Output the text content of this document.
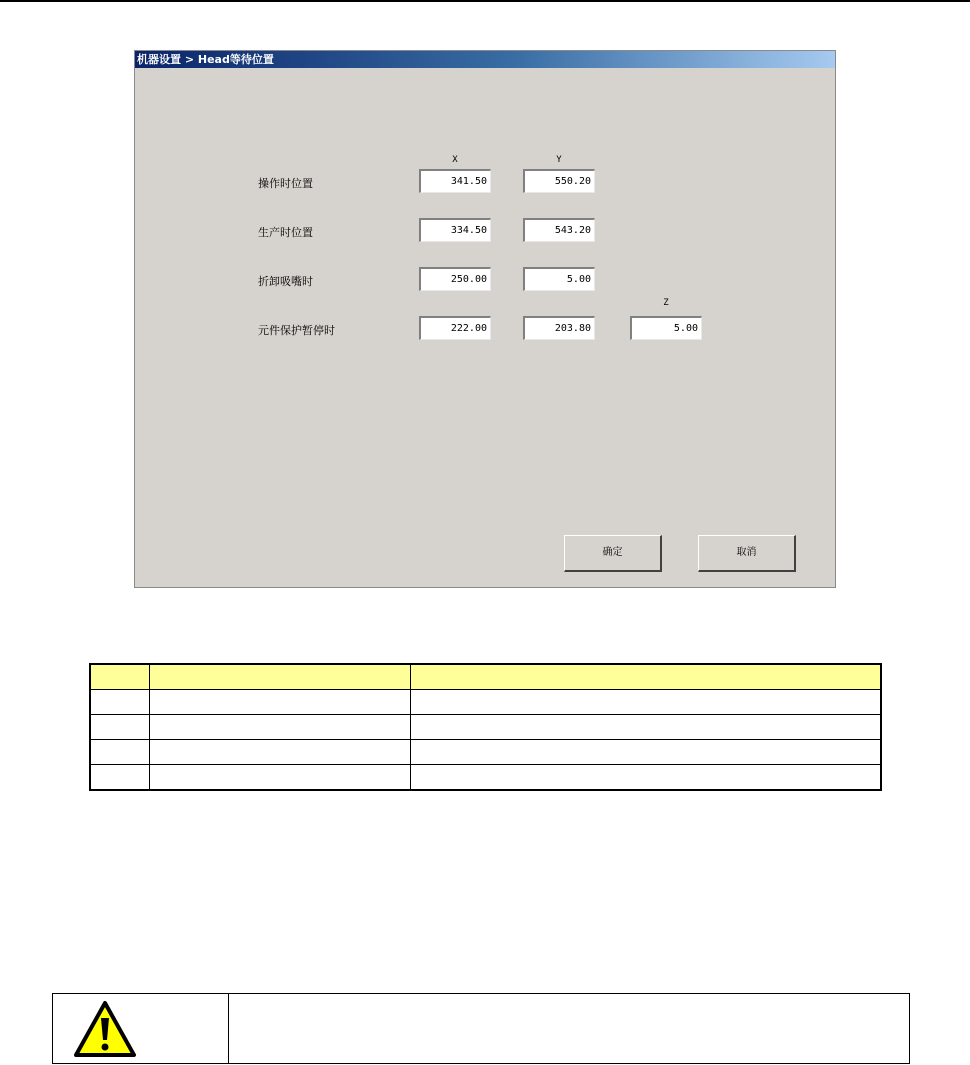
机器设置 > Head等待位置
X	Y
Z
操作时位置	341.50	550.20
生产时位置	334.50	543.20
折卸吸嘴时	250.00	5.00
元件保护暂停时	222.00	203.80	5.00
确定	取消
